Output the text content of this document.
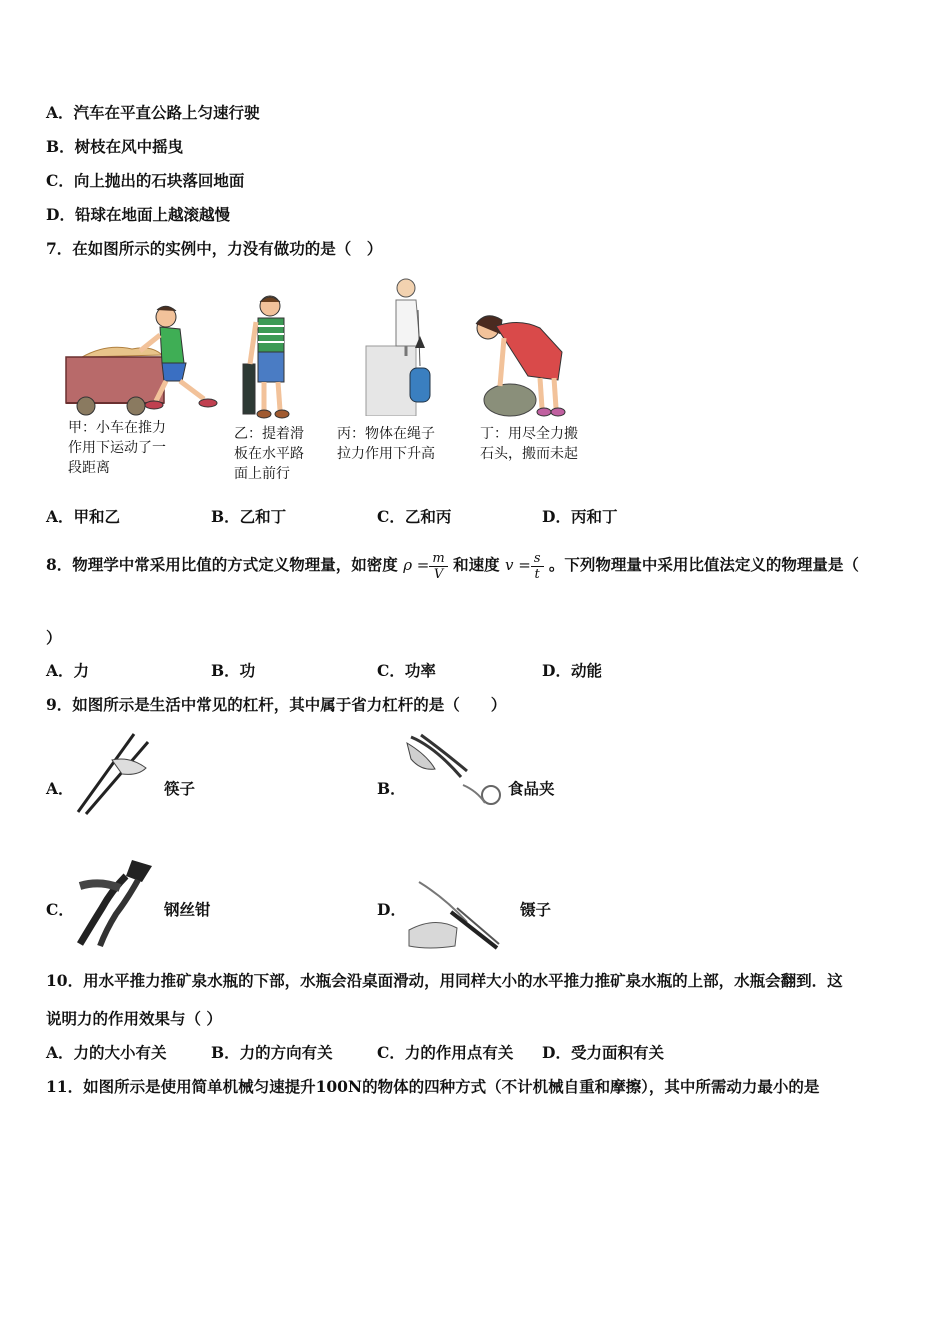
A．汽车在平直公路上匀速行驶
B．树枝在风中摇曳
C．向上抛出的石块落回地面
D．铅球在地面上越滚越慢
7．在如图所示的实例中，力没有做功的是（　）
甲：小车在推力
作用下运动了一
段距离
乙：提着滑
板在水平路
面上前行
丙：物体在绳子
拉力作用下升高
丁：用尽全力搬
石头，搬而未起
A．甲和乙	B．乙和丁	C．乙和丙	D．丙和丁
8．物理学中常采用比值的方式定义物理量，如密度 $\rho = \frac{m}{V}$ 和速度 $v = \frac{s}{t}$ 。下列物理量中采用比值法定义的物理量是（
）
A．力	B．功	C．功率	D．动能
9．如图所示是生活中常见的杠杆，其中属于省力杠杆的是（　　）
A．	筷子	B．	食品夹
C．	钢丝钳	D．	镊子
10．用水平推力推矿泉水瓶的下部，水瓶会沿桌面滑动，用同样大小的水平推力推矿泉水瓶的上部，水瓶会翻到．这
说明力的作用效果与（ ）
A．力的大小有关	B．力的方向有关	C．力的作用点有关 D．受力面积有关
11．如图所示是使用简单机械匀速提升100N的物体的四种方式（不计机械自重和摩擦），其中所需动力最小的是
